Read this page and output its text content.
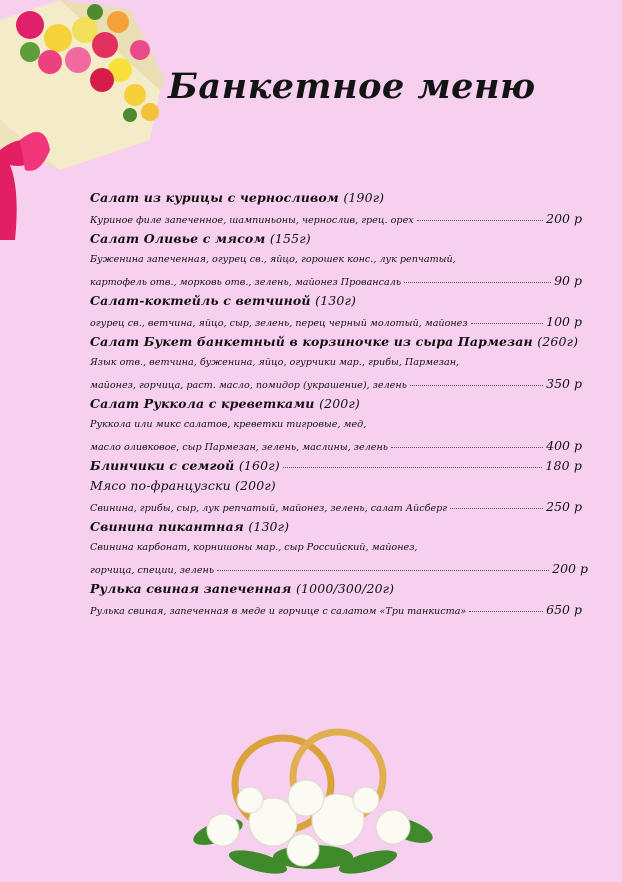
Банкетное меню
Салат из курицы с черносливом (190г)
Куриное филе запеченное, шампиньоны, чернослив, грец. орех	200 р
Салат Оливье с мясом (155г)
Буженина запеченная, огурец св., яйцо, горошек конс., лук репчатый,
картофель отв., морковь отв., зелень, майонез Провансаль	90 р
Салат-коктейль с ветчиной (130г)
огурец св., ветчина, яйцо, сыр, зелень, перец черный молотый, майонез	100 р
Салат Букет банкетный в корзиночке из сыра Пармезан (260г)
Язык отв., ветчина, буженина, яйцо, огурчики мар., грибы, Пармезан,
майонез, горчица, раст. масло, помидор (украшение), зелень	350 р
Салат Руккола с креветками (200г)
Руккола или микс салатов, креветки тигровые, мед,
масло оливковое, сыр Пармезан, зелень, маслины, зелень	400 р
Блинчики с семгой (160г)	180 р
Мясо по-французски (200г)
Свинина, грибы, сыр, лук репчатый, майонез, зелень, салат Айсберг	250 р
Свинина пикантная (130г)
Свинина карбонат, корнишоны мар., сыр Российский, майонез,
горчица, специи, зелень	200 р
Рулька свиная запеченная (1000/300/20г)
Рулька свиная, запеченная в меде и горчице с салатом «Три танкиста»	650 р
